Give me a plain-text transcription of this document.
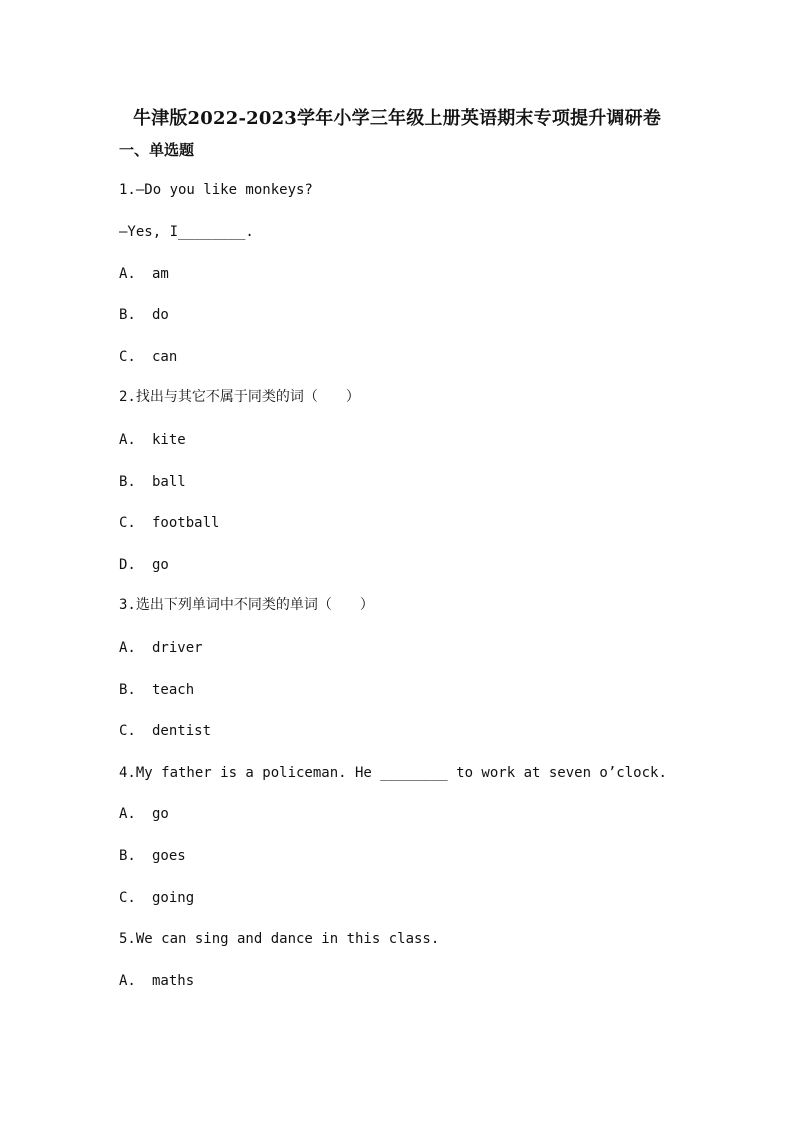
牛津版2022-2023学年小学三年级上册英语期末专项提升调研卷
一、单选题
1.—Do you like monkeys?
—Yes, I________.
A. am
B. do
C. can
2.找出与其它不属于同类的词（　　）
A. kite
B. ball
C. football
D. go
3.选出下列单词中不同类的单词（　　）
A. driver
B. teach
C. dentist
4.My father is a policeman. He ________ to work at seven o’clock.
A. go
B. goes
C. going
5.We can sing and dance in this class.
A. maths
